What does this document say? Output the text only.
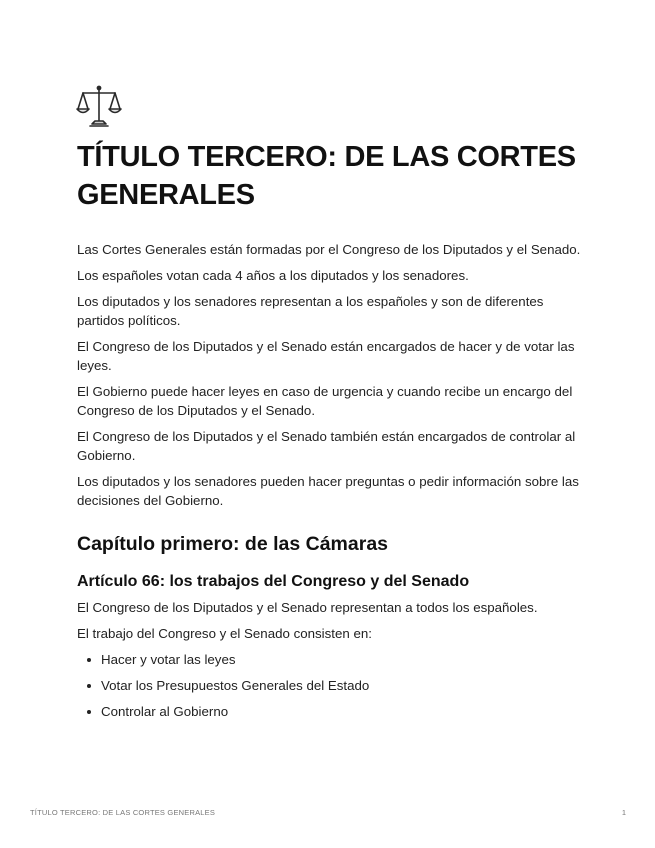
TÍTULO TERCERO: DE LAS CORTES GENERALES

Las Cortes Generales están formadas por el Congreso de los Diputados y el Senado.

Los españoles votan cada 4 años a los diputados y los senadores.

Los diputados y los senadores representan a los españoles y son de diferentes partidos políticos.

El Congreso de los Diputados y el Senado están encargados de hacer y de votar las leyes.

El Gobierno puede hacer leyes en caso de urgencia y cuando recibe un encargo del Congreso de los Diputados y el Senado.

El Congreso de los Diputados y el Senado también están encargados de controlar al Gobierno.

Los diputados y los senadores pueden hacer preguntas o pedir información sobre las decisiones del Gobierno.

Capítulo primero: de las Cámaras
Artículo 66: los trabajos del Congreso y del Senado

El Congreso de los Diputados y el Senado representan a todos los españoles.

El trabajo del Congreso y el Senado consisten en:

Hacer y votar las leyes
Votar los Presupuestos Generales del Estado
Controlar al Gobierno
TÍTULO TERCERO: DE LAS CORTES GENERALES	1
